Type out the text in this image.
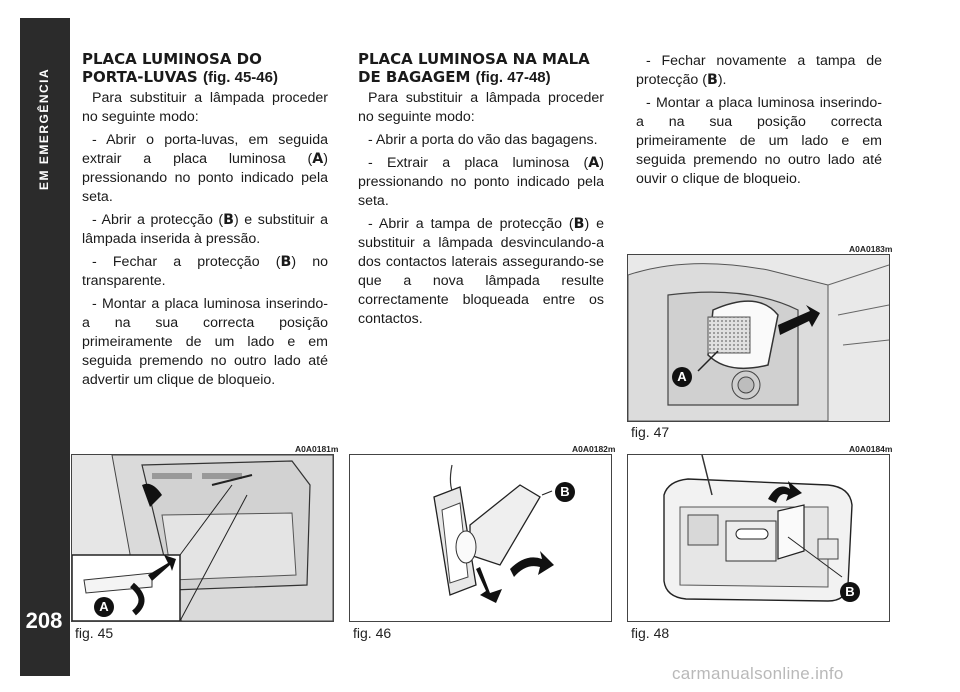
EM EMERGÊNCIA
208
PLACA LUMINOSA DO PORTA-LUVAS (fig. 45-46)

Para substituir a lâmpada proceder no seguinte modo:

- Abrir o porta-luvas, em seguida extrair a placa luminosa (A) pressionando no ponto indicado pela seta.

- Abrir a protecção (B) e substituir a lâmpada inserida à pressão.

- Fechar a protecção (B) no transparente.

- Montar a placa luminosa inserindo-a na sua correcta posição primeiramente de um lado e em seguida premendo no outro lado até advertir um clique de bloqueio.

PLACA LUMINOSA NA MALA DE BAGAGEM (fig. 47-48)

Para substituir a lâmpada proceder no seguinte modo:

- Abrir a porta do vão das bagagens.

- Extrair a placa luminosa (A) pressionando no ponto indicado pela seta.

- Abrir a tampa de protecção (B) e substituir a lâmpada desvinculando-a dos contactos laterais assegurando-se que a nova lâmpada resulte correctamente bloqueada entre os contactos.

- Fechar novamente a tampa de protecção (B).

- Montar a placa luminosa inserindo-a na sua posição correcta primeiramente de um lado e em seguida premendo no outro lado até ouvir o clique de bloqueio.

A0A0183m
A
fig. 47
A0A0181m
A
fig. 45
A0A0182m
B
fig. 46
A0A0184m
B
fig. 48
carmanualsonline.info
